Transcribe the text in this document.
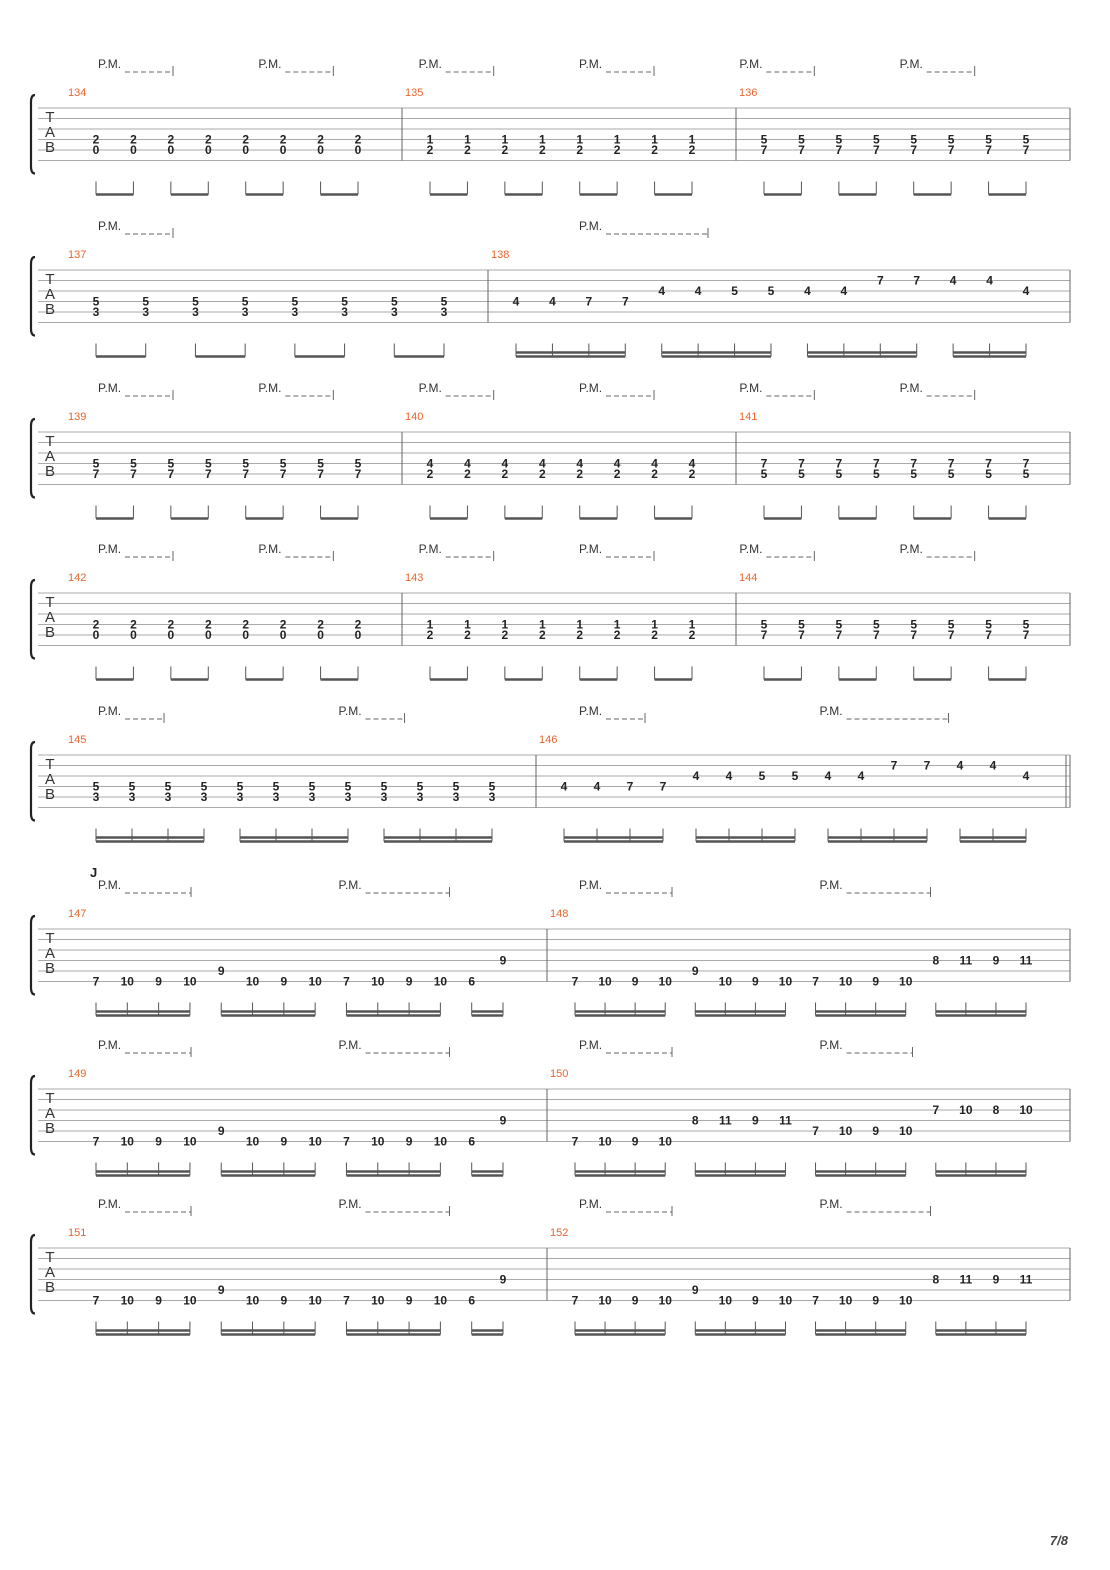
T
A
B
134
2
0
2
0
2
0
2
0
2
0
2
0
2
0
2
0
135
1
2
1
2
1
2
1
2
1
2
1
2
1
2
1
2
136
5
7
5
7
5
7
5
7
5
7
5
7
5
7
5
7
P.M.	P.M.	P.M.	P.M.	P.M.	P.M.
T
A
B
137
5
3
5
3
5
3
5
3
5
3
5
3
5
3
5
3
138
4 4 7 7
4 4 5 5 4 4
7 7 4 4
4
P.M.	P.M.
T
A
B
139
5
7
5
7
5
7
5
7
5
7
5
7
5
7
5
7
140
4
2
4
2
4
2
4
2
4
2
4
2
4
2
4
2
141
7
5
7
5
7
5
7
5
7
5
7
5
7
5
7
5
P.M.	P.M.	P.M.	P.M.	P.M.	P.M.
T
A
B
142
2
0
2
0
2
0
2
0
2
0
2
0
2
0
2
0
143
1
2
1
2
1
2
1
2
1
2
1
2
1
2
1
2
144
5
7
5
7
5
7
5
7
5
7
5
7
5
7
5
7
P.M.	P.M.	P.M.	P.M.	P.M.	P.M.
T
A
B
145
5
3
5
3
5
3
5
3
5
3
5
3
5
3
5
3
5
3
5
3
5
3
5
3
146
4 4 7 7
4 4 5 5 4 4
7 7 4 4
4
P.M.	P.M.	P.M.	P.M.
T
A
B
J
147
7 10 9 10
9
10 9 10 7 10 9 10 6
9
148
7 10 9 10
9
10 9 10 7 10 9 10
8 11 9 11
P.M.	P.M.	P.M.	P.M.
T
A
B
149
7 10 9 10
9
10 9 10 7 10 9 10 6
9
150
7 10 9 10
8 11 9 11
7 10 9 10
7 10 8 10
P.M.	P.M.	P.M.	P.M.
T
A
B
151
7 10 9 10
9
10 9 10 7 10 9 10 6
9
152
7 10 9 10
9
10 9 10 7 10 9 10
8 11 9 11
P.M.	P.M.	P.M.	P.M.
7/8
